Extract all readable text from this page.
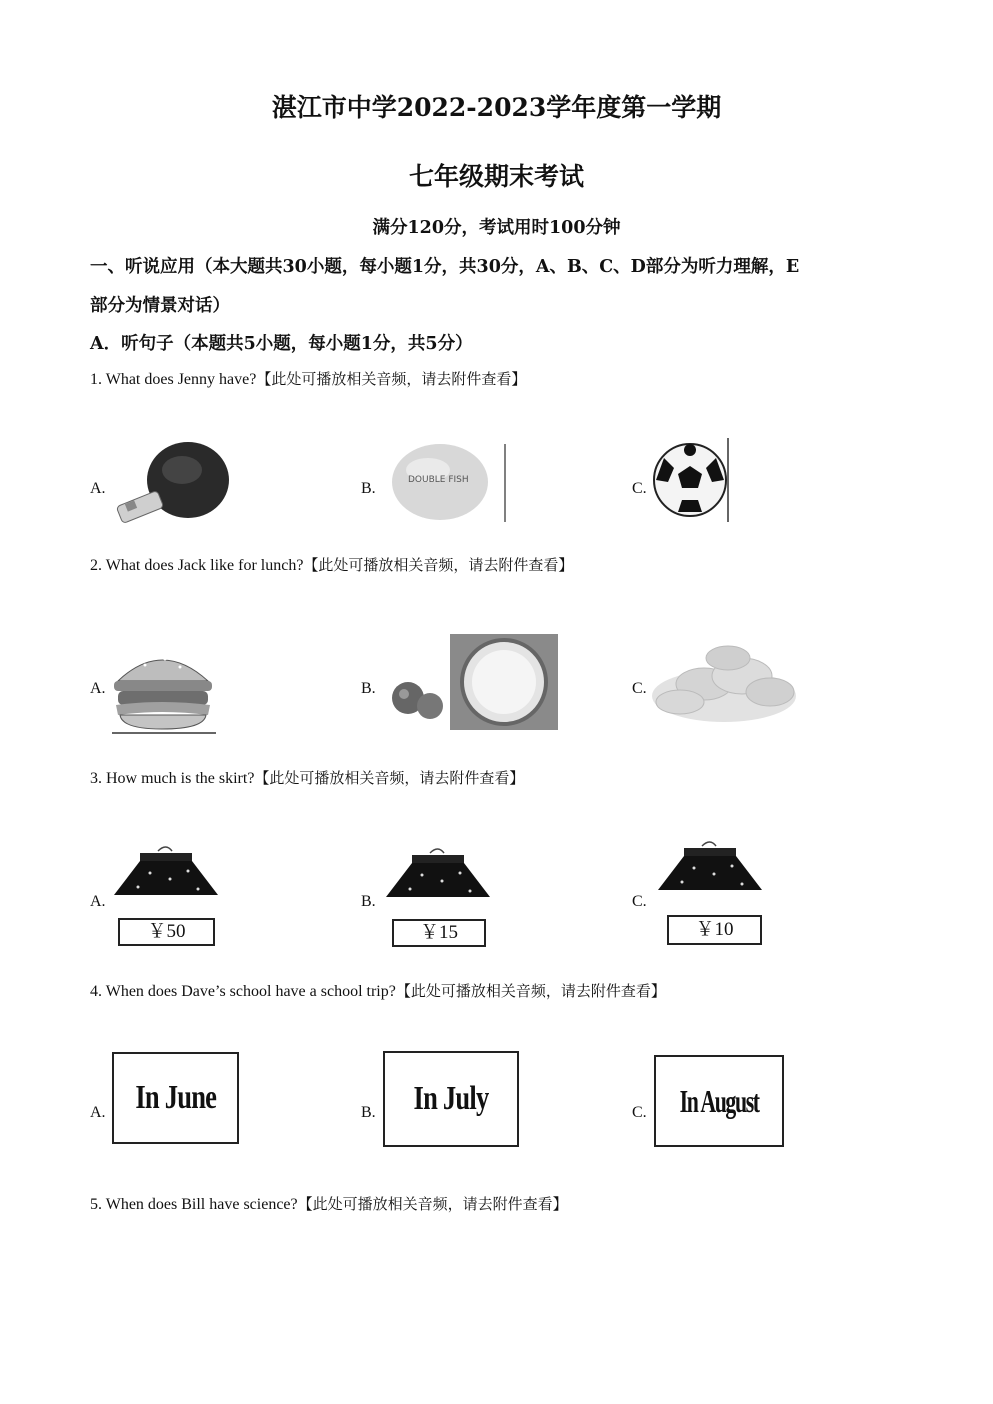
湛江市中学2022-2023学年度第一学期
七年级期末考试
满分120分，考试用时100分钟
一、听说应用（本大题共30小题，每小题1分，共30分，A、B、C、D部分为听力理解，E
部分为情景对话）
A．听句子（本题共5小题，每小题1分，共5分）
1. What does Jenny have?【此处可播放相关音频，请去附件查看】
A.	B.	C.
DOUBLE FISH
2. What does Jack like for lunch?【此处可播放相关音频，请去附件查看】
A.	B.	C.
3. How much is the skirt?【此处可播放相关音频，请去附件查看】
A.	B.	C.
￥50	￥15	￥10
4. When does Dave’s school have a school trip?【此处可播放相关音频，请去附件查看】
A.	B.	C.
In June	In July	In August
5. When does Bill have science?【此处可播放相关音频，请去附件查看】
